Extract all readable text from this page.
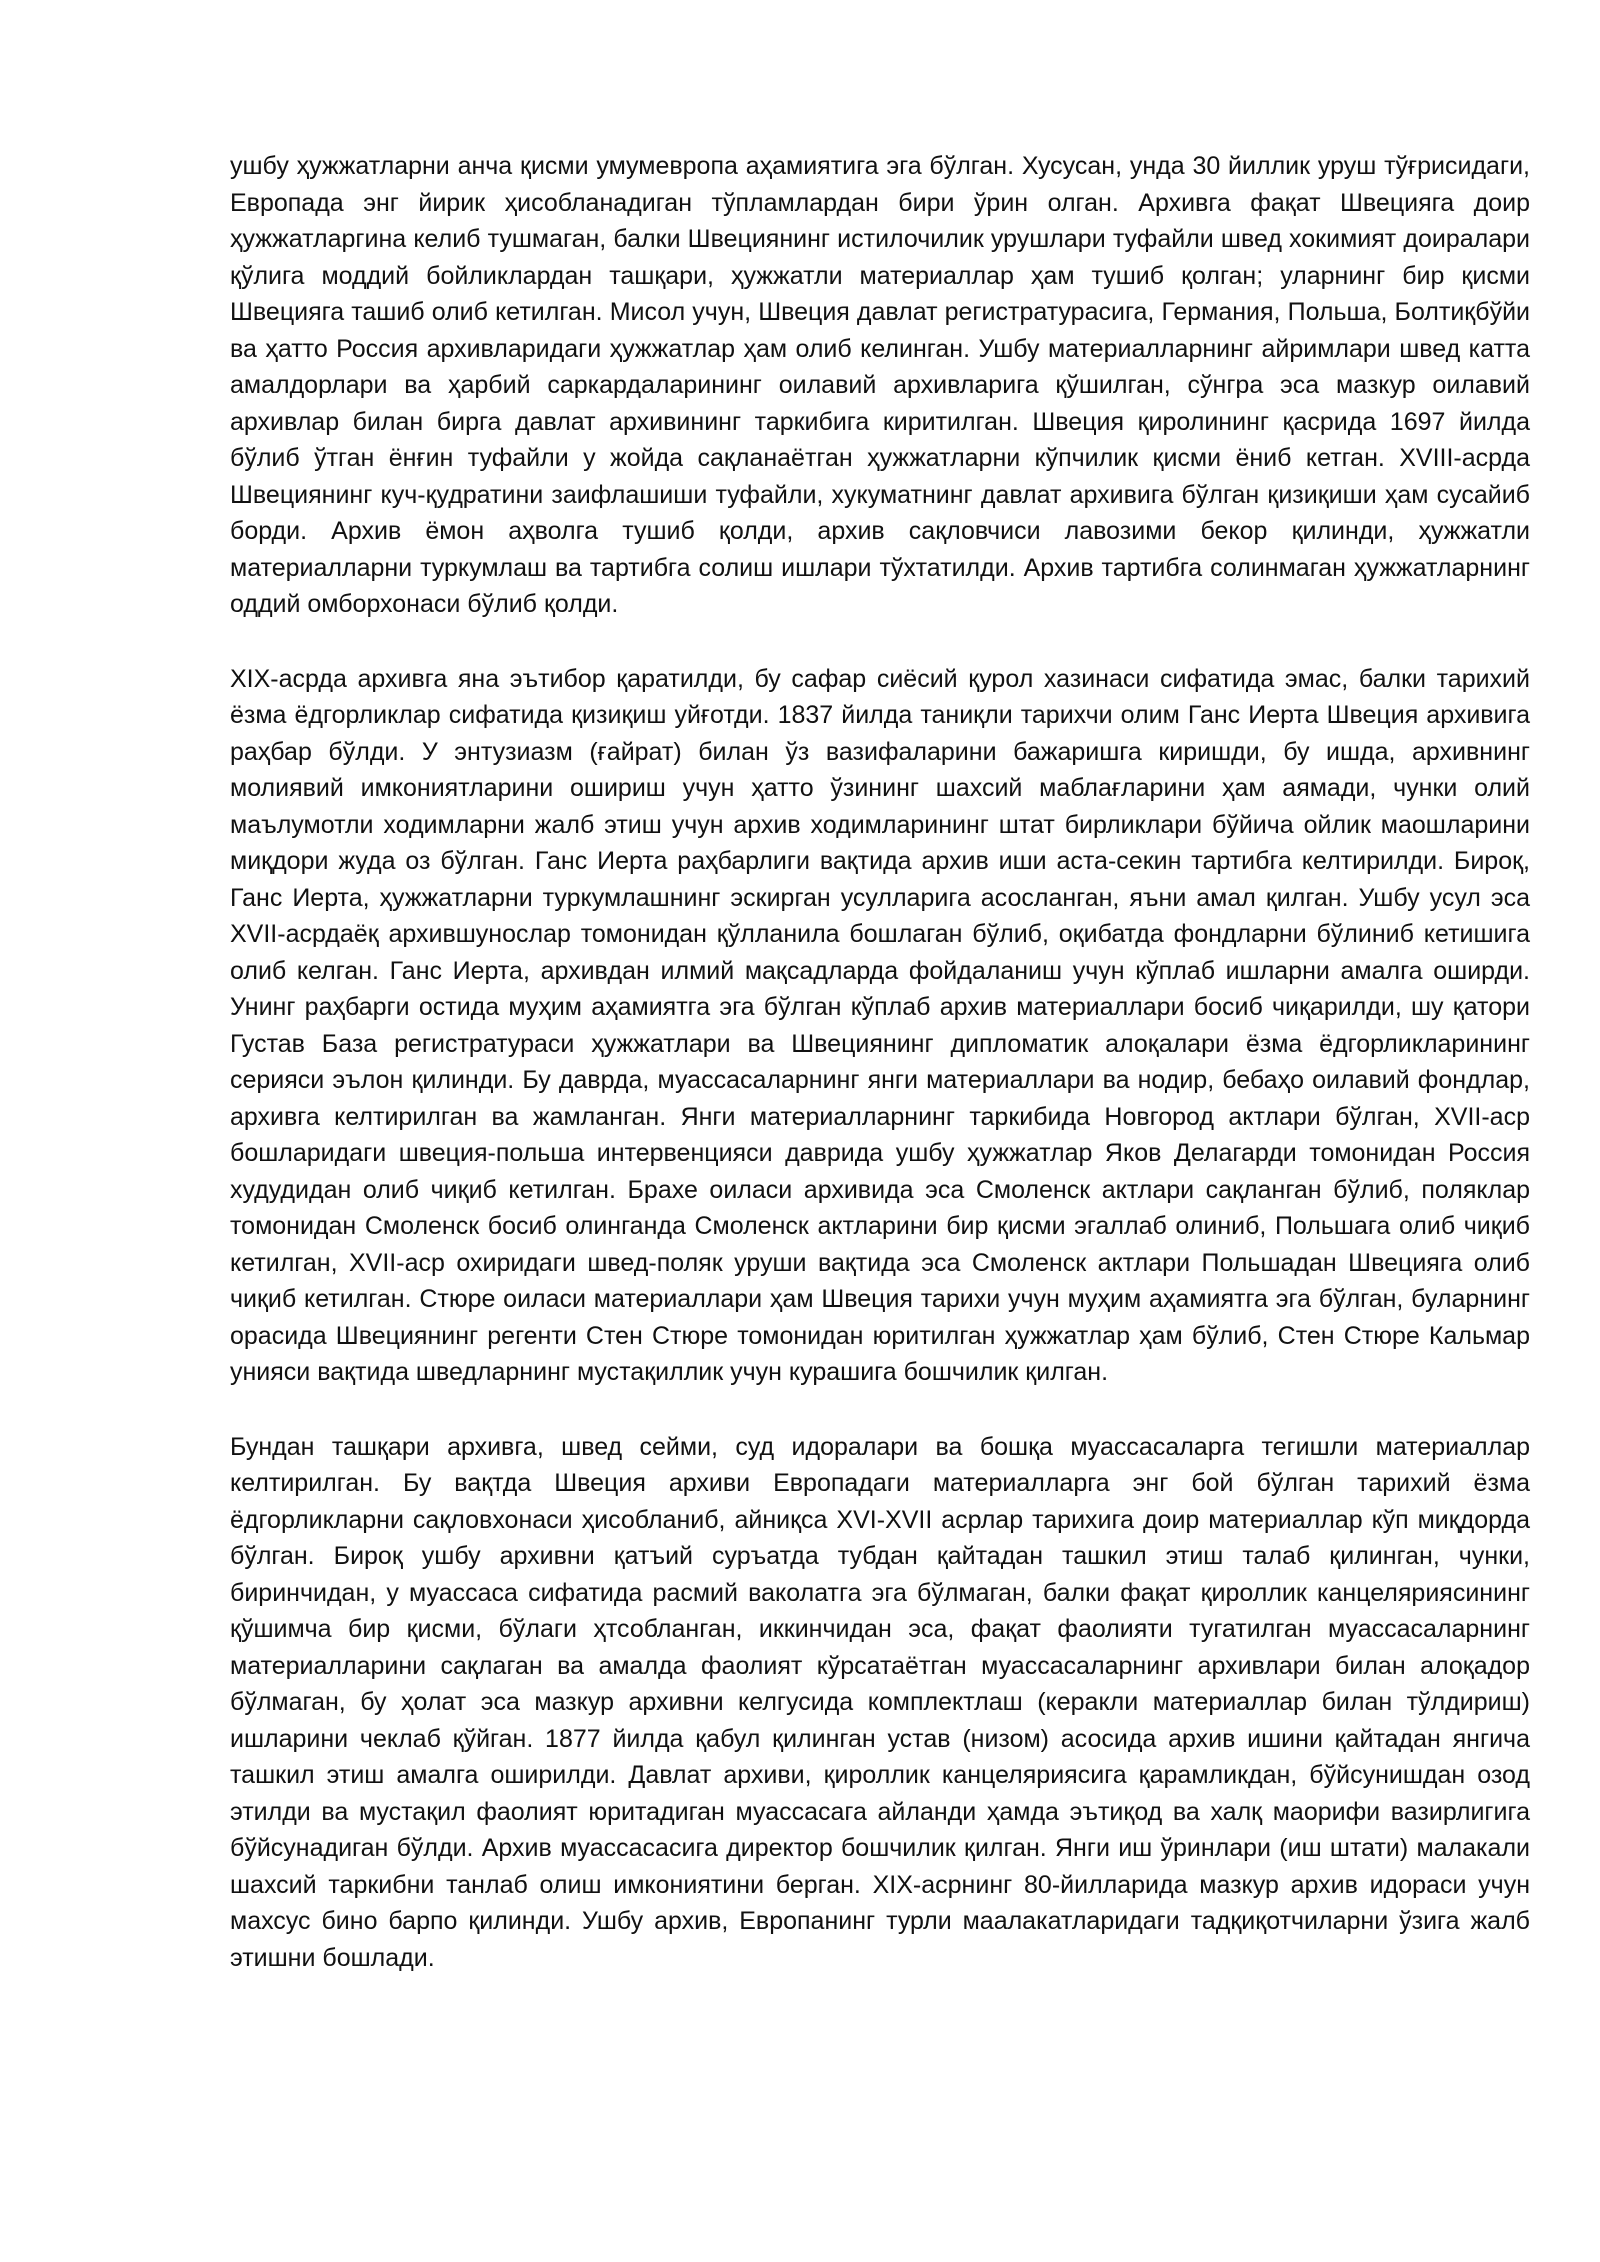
ушбу ҳужжатларни анча қисми умумевропа аҳамиятига эга бўлган. Хусусан, унда 30 йиллик уруш тўғрисидаги, Европада энг йирик ҳисобланадиган тўпламлардан бири ўрин олган. Архивга фақат Швецияга доир ҳужжатларгина келиб тушмаган, балки Швециянинг истилочилик урушлари туфайли швед хокимият доиралари қўлига моддий бойликлардан ташқари, ҳужжатли материаллар ҳам тушиб қолган; уларнинг бир қисми Швецияга ташиб олиб кетилган. Мисол учун, Швеция давлат регистратурасига, Германия, Польша, Болтиқбўйи ва ҳатто Россия архивларидаги ҳужжатлар ҳам олиб келинган. Ушбу материалларнинг айримлари швед катта амалдорлари ва ҳарбий саркардаларининг оилавий архивларига қўшилган, сўнгра эса мазкур оилавий архивлар билан бирга давлат архивининг таркибига киритилган. Швеция қиролининг қасрида 1697 йилда бўлиб ўтган ёнғин туфайли у жойда сақланаётган ҳужжатларни кўпчилик қисми ёниб кетган. XVIII-асрда Швециянинг куч-қудратини заифлашиши туфайли, хукуматнинг давлат архивига бўлган қизиқиши ҳам сусайиб борди. Архив ёмон аҳволга тушиб қолди, архив сақловчиси лавозими бекор қилинди, ҳужжатли материалларни туркумлаш ва тартибга солиш ишлари тўхтатилди. Архив тартибга солинмаган ҳужжатларнинг оддий омборхонаси бўлиб қолди.

XIX-асрда архивга яна эътибор қаратилди, бу сафар сиёсий қурол хазинаси сифатида эмас, балки тарихий ёзма ёдгорликлар сифатида қизиқиш уйғотди. 1837 йилда таниқли тарихчи олим Ганс Иерта Швеция архивига раҳбар бўлди. У энтузиазм (ғайрат) билан ўз вазифаларини бажаришга киришди, бу ишда, архивнинг молиявий имкониятларини ошириш учун ҳатто ўзининг шахсий маблағларини ҳам аямади, чунки олий маълумотли ходимларни жалб этиш учун архив ходимларининг штат бирликлари бўйича ойлик маошларини миқдори жуда оз бўлган. Ганс Иерта раҳбарлиги вақтида архив иши аста-секин тартибга келтирилди. Бироқ, Ганс Иерта, ҳужжатларни туркумлашнинг эскирган усулларига асосланган, яъни амал қилган. Ушбу усул эса XVII-асрдаёқ архившунослар томонидан қўлланила бошлаган бўлиб, оқибатда фондларни бўлиниб кетишига олиб келган. Ганс Иерта, архивдан илмий мақсадларда фойдаланиш учун кўплаб ишларни амалга оширди. Унинг раҳбарги остида муҳим аҳамиятга эга бўлган кўплаб архив материаллари босиб чиқарилди, шу қатори Густав База регистратураси ҳужжатлари ва Швециянинг дипломатик алоқалари ёзма ёдгорликларининг серияси эълон қилинди. Бу даврда, муассасаларнинг янги материаллари ва нодир, бебаҳо оилавий фондлар, архивга келтирилган ва жамланган. Янги материалларнинг таркибида Новгород актлари бўлган, XVII-аср бошларидаги швеция-польша интервенцияси даврида ушбу ҳужжатлар Яков Делагарди томонидан Россия худудидан олиб чиқиб кетилган. Брахе оиласи архивида эса Смоленск актлари сақланган бўлиб, поляклар томонидан Смоленск босиб олинганда Смоленск актларини бир қисми эгаллаб олиниб, Польшага олиб чиқиб кетилган, XVII-аср охиридаги швед-поляк уруши вақтида эса Смоленск актлари Польшадан Швецияга олиб чиқиб кетилган. Стюре оиласи материаллари ҳам Швеция тарихи учун муҳим аҳамиятга эга бўлган, буларнинг орасида Швециянинг регенти Стен Стюре томонидан юритилган ҳужжатлар ҳам бўлиб, Стен Стюре Кальмар унияси вақтида шведларнинг мустақиллик учун курашига бошчилик қилган.

Бундан ташқари архивга, швед сейми, суд идоралари ва бошқа муассасаларга тегишли материаллар келтирилган. Бу вақтда Швеция архиви Европадаги материалларга энг бой бўлган тарихий ёзма ёдгорликларни сақловхонаси ҳисобланиб, айниқса XVI-XVII асрлар тарихига доир материаллар кўп миқдорда бўлган. Бироқ ушбу архивни қатъий суръатда тубдан қайтадан ташкил этиш талаб қилинган, чунки, биринчидан, у муассаса сифатида расмий ваколатга эга бўлмаган, балки фақат қироллик канцеляриясининг қўшимча бир қисми, бўлаги ҳтсобланган, иккинчидан эса, фақат фаолияти тугатилган муассасаларнинг материалларини сақлаган ва амалда фаолият кўрсатаётган муассасаларнинг архивлари билан алоқадор бўлмаган, бу ҳолат эса мазкур архивни келгусида комплектлаш (керакли материаллар билан тўлдириш) ишларини чеклаб қўйган. 1877 йилда қабул қилинган устав (низом) асосида архив ишини қайтадан янгича ташкил этиш амалга оширилди. Давлат архиви, қироллик канцеляриясига қарамликдан, бўйсунишдан озод этилди ва мустақил фаолият юритадиган муассасага айланди ҳамда эътиқод ва халқ маорифи вазирлигига бўйсунадиган бўлди. Архив муассасасига директор бошчилик қилган. Янги иш ўринлари (иш штати) малакали шахсий таркибни танлаб олиш имкониятини берган. XIX-асрнинг 80-йилларида мазкур архив идораси учун махсус бино барпо қилинди. Ушбу архив, Европанинг турли маалакатларидаги тадқиқотчиларни ўзига жалб этишни бошлади.
